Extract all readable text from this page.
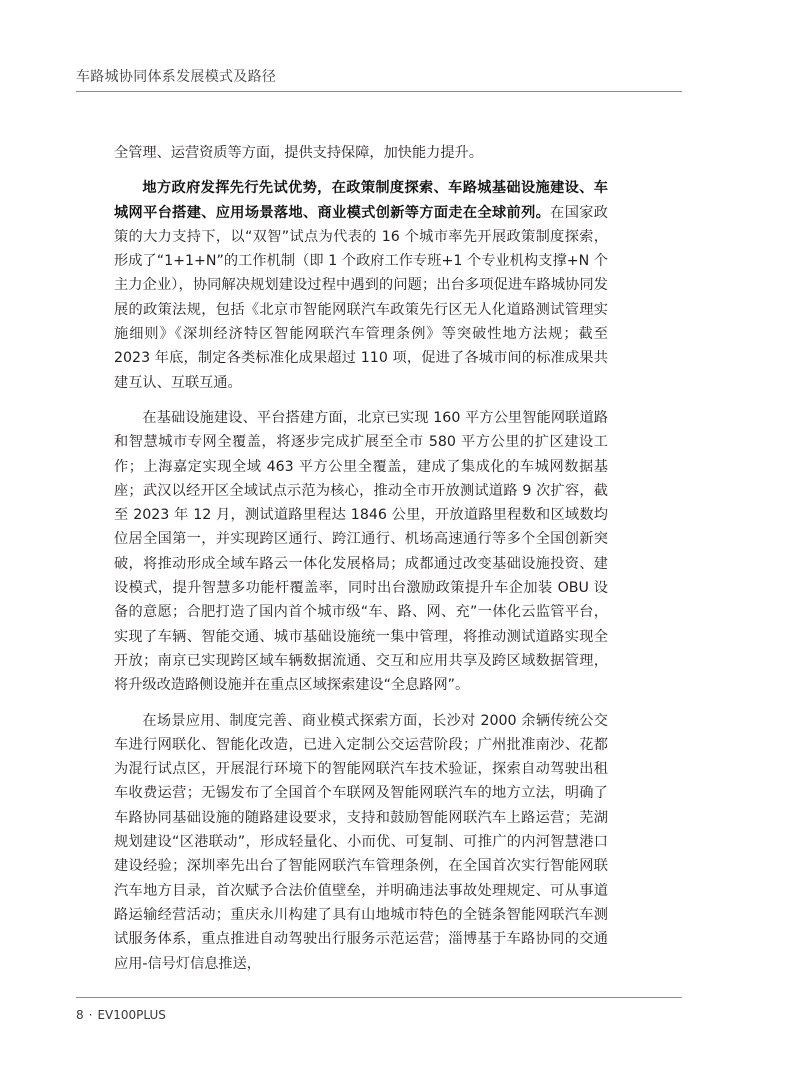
车路城协同体系发展模式及路径

全管理、运营资质等方面，提供支持保障，加快能力提升。

地方政府发挥先行先试优势，在政策制度探索、车路城基础设施建设、车城网平台搭建、应用场景落地、商业模式创新等方面走在全球前列。在国家政策的大力支持下，以“双智”试点为代表的 16 个城市率先开展政策制度探索，形成了“1+1+N”的工作机制（即 1 个政府工作专班+1 个专业机构支撑+N 个主力企业），协同解决规划建设过程中遇到的问题；出台多项促进车路城协同发展的政策法规，包括《北京市智能网联汽车政策先行区无人化道路测试管理实施细则》《深圳经济特区智能网联汽车管理条例》等突破性地方法规；截至 2023 年底，制定各类标准化成果超过 110 项，促进了各城市间的标准成果共建互认、互联互通。

在基础设施建设、平台搭建方面，北京已实现 160 平方公里智能网联道路和智慧城市专网全覆盖，将逐步完成扩展至全市 580 平方公里的扩区建设工作；上海嘉定实现全域 463 平方公里全覆盖，建成了集成化的车城网数据基座；武汉以经开区全域试点示范为核心，推动全市开放测试道路 9 次扩容，截至 2023 年 12 月，测试道路里程达 1846 公里，开放道路里程数和区域数均位居全国第一，并实现跨区通行、跨江通行、机场高速通行等多个全国创新突破，将推动形成全域车路云一体化发展格局；成都通过改变基础设施投资、建设模式，提升智慧多功能杆覆盖率，同时出台激励政策提升车企加装 OBU 设备的意愿；合肥打造了国内首个城市级“车、路、网、充”一体化云监管平台，实现了车辆、智能交通、城市基础设施统一集中管理，将推动测试道路实现全开放；南京已实现跨区域车辆数据流通、交互和应用共享及跨区域数据管理，将升级改造路侧设施并在重点区域探索建设“全息路网”。

在场景应用、制度完善、商业模式探索方面，长沙对 2000 余辆传统公交车进行网联化、智能化改造，已进入定制公交运营阶段；广州批准南沙、花都为混行试点区，开展混行环境下的智能网联汽车技术验证，探索自动驾驶出租车收费运营；无锡发布了全国首个车联网及智能网联汽车的地方立法，明确了车路协同基础设施的随路建设要求，支持和鼓励智能网联汽车上路运营；芜湖规划建设“区港联动”，形成轻量化、小而优、可复制、可推广的内河智慧港口建设经验；深圳率先出台了智能网联汽车管理条例，在全国首次实行智能网联汽车地方目录，首次赋予合法价值壁垒，并明确违法事故处理规定、可从事道路运输经营活动；重庆永川构建了具有山地城市特色的全链条智能网联汽车测试服务体系，重点推进自动驾驶出行服务示范运营；淄博基于车路协同的交通应用-信号灯信息推送，

8 · EV100PLUS
